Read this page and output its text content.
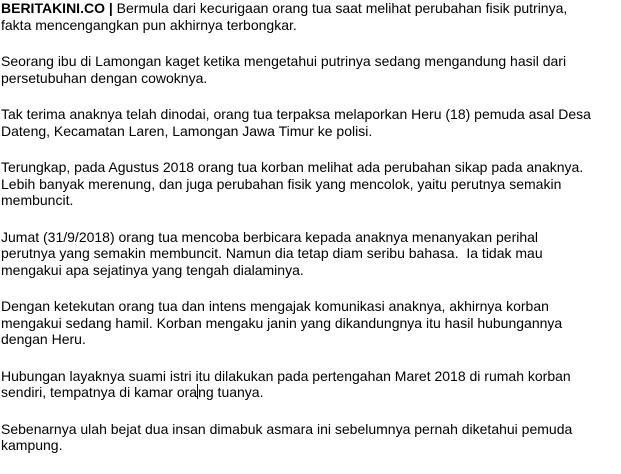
BERITAKINI.CO | Bermula dari kecurigaan orang tua saat melihat perubahan fisik putrinya,
fakta mencengangkan pun akhirnya terbongkar.

Seorang ibu di Lamongan kaget ketika mengetahui putrinya sedang mengandung hasil dari
persetubuhan dengan cowoknya.

Tak terima anaknya telah dinodai, orang tua terpaksa melaporkan Heru (18) pemuda asal Desa
Dateng, Kecamatan Laren, Lamongan Jawa Timur ke polisi.

Terungkap, pada Agustus 2018 orang tua korban melihat ada perubahan sikap pada anaknya.
Lebih banyak merenung, dan juga perubahan fisik yang mencolok, yaitu perutnya semakin
membuncit.

Jumat (31/9/2018) orang tua mencoba berbicara kepada anaknya menanyakan perihal
perutnya yang semakin membuncit. Namun dia tetap diam seribu bahasa.  Ia tidak mau
mengakui apa sejatinya yang tengah dialaminya.

Dengan ketekutan orang tua dan intens mengajak komunikasi anaknya, akhirnya korban
mengakui sedang hamil. Korban mengaku janin yang dikandungnya itu hasil hubungannya
dengan Heru.

Hubungan layaknya suami istri itu dilakukan pada pertengahan Maret 2018 di rumah korban
sendiri, tempatnya di kamar orang tuanya.

Sebenarnya ulah bejat dua insan dimabuk asmara ini sebelumnya pernah diketahui pemuda
kampung.
